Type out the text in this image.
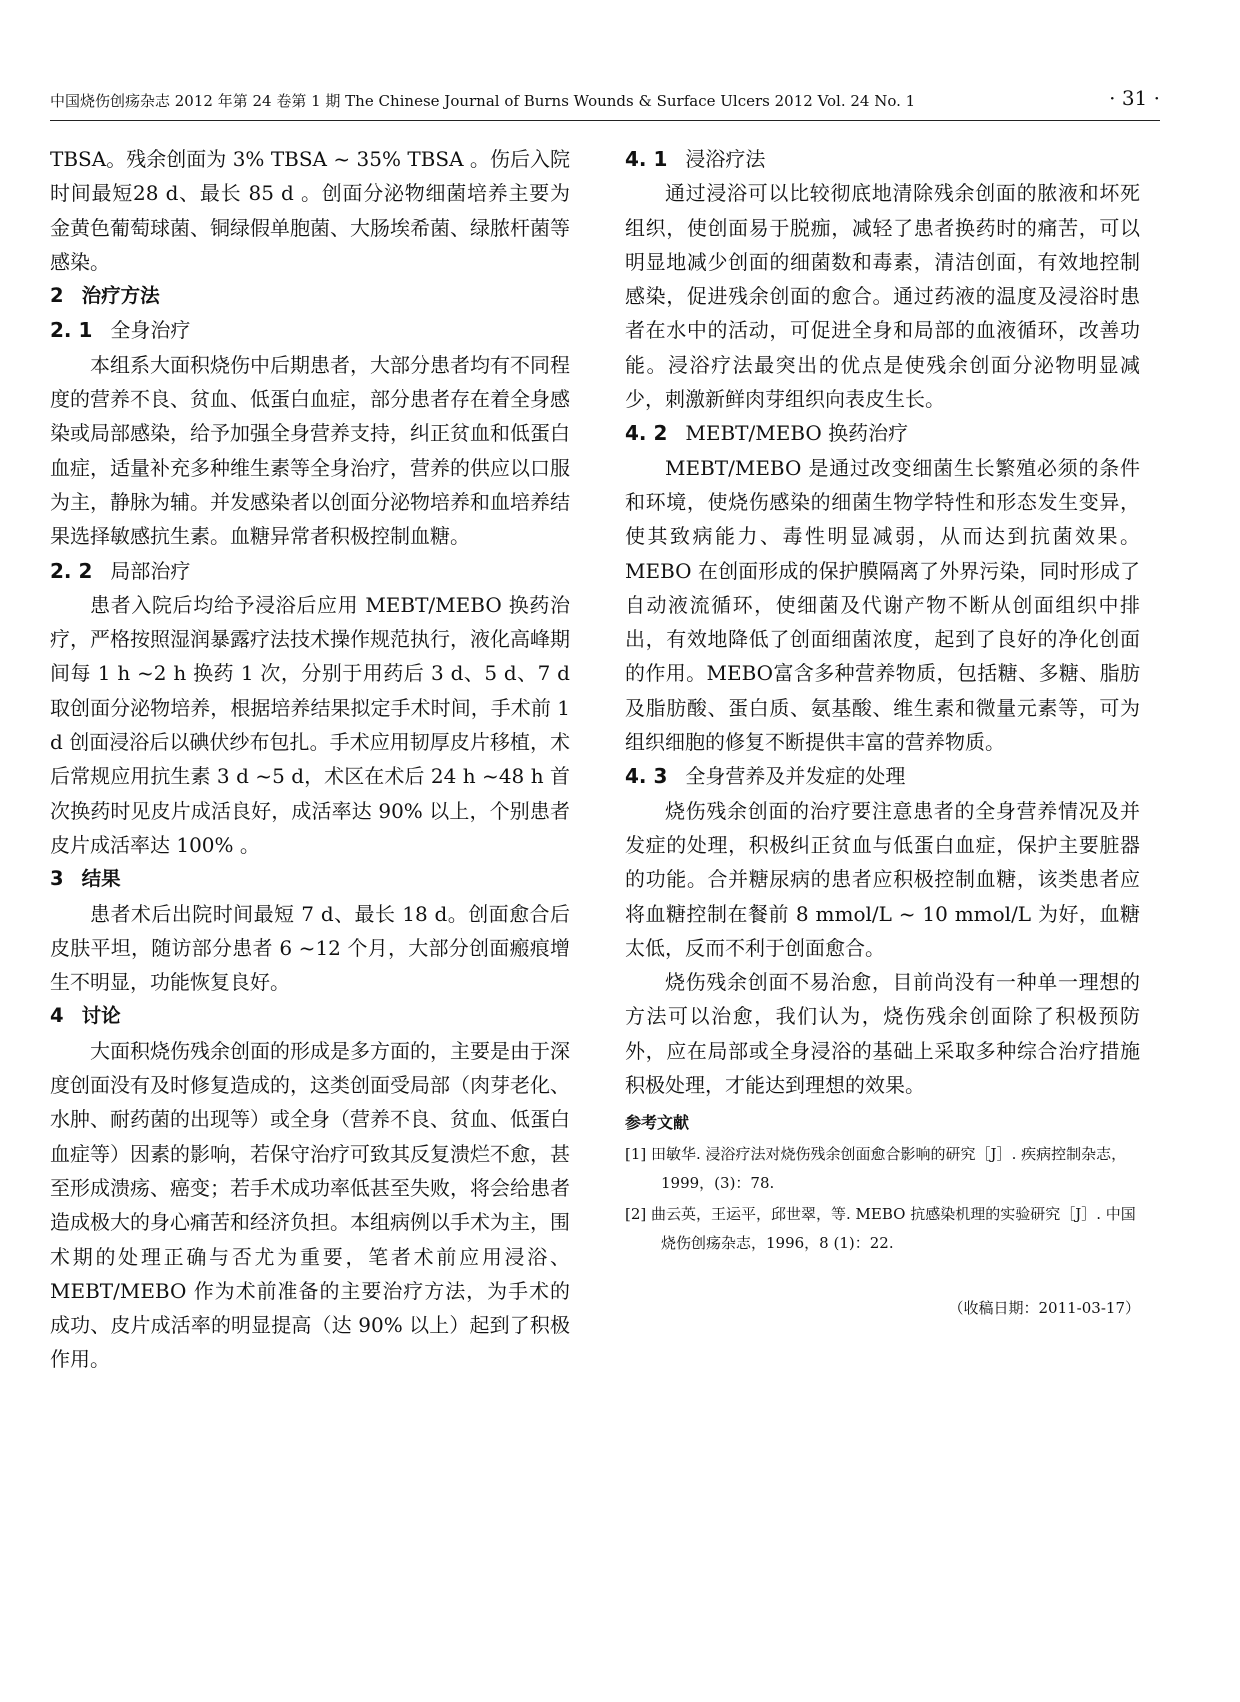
中国烧伤创疡杂志 2012 年第 24 卷第 1 期 The Chinese Journal of Burns Wounds & Surface Ulcers 2012 Vol. 24 No. 1	· 31 ·

TBSA。残余创面为 3% TBSA ~ 35% TBSA 。伤后入院时间最短28 d、最长 85 d 。创面分泌物细菌培养主要为金黄色葡萄球菌、铜绿假单胞菌、大肠埃希菌、绿脓杆菌等感染。

2 治疗方法
2. 1 全身治疗

本组系大面积烧伤中后期患者，大部分患者均有不同程度的营养不良、贫血、低蛋白血症，部分患者存在着全身感染或局部感染，给予加强全身营养支持，纠正贫血和低蛋白血症，适量补充多种维生素等全身治疗，营养的供应以口服为主，静脉为辅。并发感染者以创面分泌物培养和血培养结果选择敏感抗生素。血糖异常者积极控制血糖。

2. 2 局部治疗

患者入院后均给予浸浴后应用 MEBT/MEBO 换药治疗，严格按照湿润暴露疗法技术操作规范执行，液化高峰期间每 1 h ~2 h 换药 1 次，分别于用药后 3 d、5 d、7 d 取创面分泌物培养，根据培养结果拟定手术时间，手术前 1 d 创面浸浴后以碘伏纱布包扎。手术应用韧厚皮片移植，术后常规应用抗生素 3 d ~5 d，术区在术后 24 h ~48 h 首次换药时见皮片成活良好，成活率达 90% 以上，个别患者皮片成活率达 100% 。

3 结果

患者术后出院时间最短 7 d、最长 18 d。创面愈合后皮肤平坦，随访部分患者 6 ~12 个月，大部分创面瘢痕增生不明显，功能恢复良好。

4 讨论

大面积烧伤残余创面的形成是多方面的，主要是由于深度创面没有及时修复造成的，这类创面受局部（肉芽老化、水肿、耐药菌的出现等）或全身（营养不良、贫血、低蛋白血症等）因素的影响，若保守治疗可致其反复溃烂不愈，甚至形成溃疡、癌变；若手术成功率低甚至失败，将会给患者造成极大的身心痛苦和经济负担。本组病例以手术为主，围术期的处理正确与否尤为重要，笔者术前应用浸浴、MEBT/MEBO 作为术前准备的主要治疗方法，为手术的成功、皮片成活率的明显提高（达 90% 以上）起到了积极作用。

4. 1 浸浴疗法

通过浸浴可以比较彻底地清除残余创面的脓液和坏死组织，使创面易于脱痂，减轻了患者换药时的痛苦，可以明显地减少创面的细菌数和毒素，清洁创面，有效地控制感染，促进残余创面的愈合。通过药液的温度及浸浴时患者在水中的活动，可促进全身和局部的血液循环，改善功能。浸浴疗法最突出的优点是使残余创面分泌物明显减少，刺激新鲜肉芽组织向表皮生长。

4. 2 MEBT/MEBO 换药治疗

MEBT/MEBO 是通过改变细菌生长繁殖必须的条件和环境，使烧伤感染的细菌生物学特性和形态发生变异，使其致病能力、毒性明显减弱，从而达到抗菌效果。MEBO 在创面形成的保护膜隔离了外界污染，同时形成了自动液流循环，使细菌及代谢产物不断从创面组织中排出，有效地降低了创面细菌浓度，起到了良好的净化创面的作用。MEBO富含多种营养物质，包括糖、多糖、脂肪及脂肪酸、蛋白质、氨基酸、维生素和微量元素等，可为组织细胞的修复不断提供丰富的营养物质。

4. 3 全身营养及并发症的处理

烧伤残余创面的治疗要注意患者的全身营养情况及并发症的处理，积极纠正贫血与低蛋白血症，保护主要脏器的功能。合并糖尿病的患者应积极控制血糖，该类患者应将血糖控制在餐前 8 mmol/L ~ 10 mmol/L 为好，血糖太低，反而不利于创面愈合。

烧伤残余创面不易治愈，目前尚没有一种单一理想的方法可以治愈，我们认为，烧伤残余创面除了积极预防外，应在局部或全身浸浴的基础上采取多种综合治疗措施积极处理，才能达到理想的效果。

参考文献
[1] 田敏华. 浸浴疗法对烧伤残余创面愈合影响的研究［J］. 疾病控制杂志，1999，(3)：78.
[2] 曲云英，王运平，邱世翠，等. MEBO 抗感染机理的实验研究［J］. 中国烧伤创疡杂志，1996，8 (1)：22.
（收稿日期：2011-03-17）
